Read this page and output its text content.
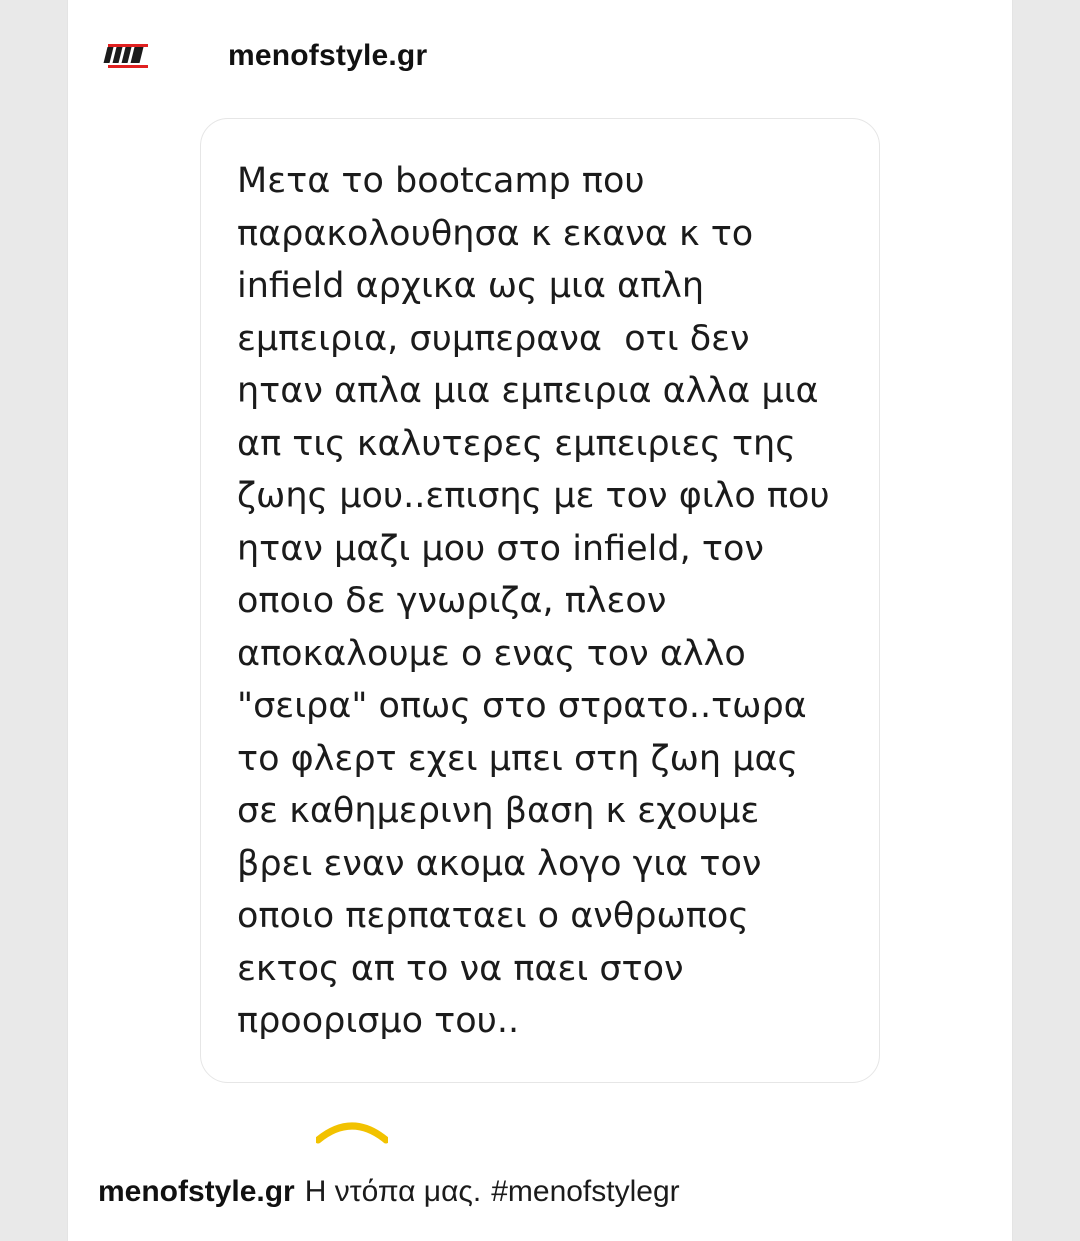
menofstyle.gr
Μετα το bootcamp που παρακολουθησα κ εκανα κ το infield αρχικα ως μια απλη εμπειρια, συμπερανα  οτι δεν ηταν απλα μια εμπειρια αλλα μια απ τις καλυτερες εμπειριες της ζωης μου..επισης με τον φιλο που ηταν μαζι μου στο infield, τον οποιο δε γνωριζα, πλεον αποκαλουμε ο ενας τον αλλο "σειρα" οπως στο στρατο..τωρα το φλερτ εχει μπει στη ζωη μας σε καθημερινη βαση κ εχουμε βρει εναν ακομα λογο για τον οποιο περπαταει ο ανθρωπος εκτος απ το να παει στον προορισμο του..
menofstyle.gr Η ντόπα μας. #menofstylegr
